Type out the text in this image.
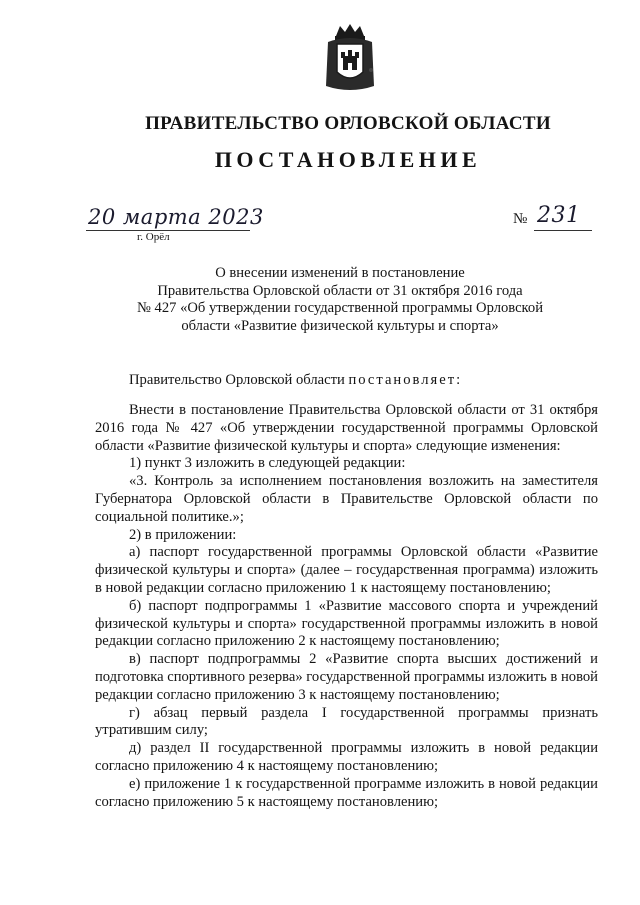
ПРАВИТЕЛЬСТВО ОРЛОВСКОЙ ОБЛАСТИ
ПОСТАНОВЛЕНИЕ
20 марта 2023
г. Орёл
№ 231
О внесении изменений в постановление
Правительства Орловской области от 31 октября 2016 года
№ 427 «Об утверждении государственной программы Орловской
области «Развитие физической культуры и спорта»
Правительство Орловской области постановляет:

Внести в постановление Правительства Орловской области от 31 октября 2016 года № 427 «Об утверждении государственной программы Орловской области «Развитие физической культуры и спорта» следующие изменения:

1) пункт 3 изложить в следующей редакции:

«3. Контроль за исполнением постановления возложить на заместителя Губернатора Орловской области в Правительстве Орловской области по социальной политике.»;

2) в приложении:

а) паспорт государственной программы Орловской области «Развитие физической культуры и спорта» (далее – государственная программа) изложить в новой редакции согласно приложению 1 к настоящему постановлению;

б) паспорт подпрограммы 1 «Развитие массового спорта и учреждений физической культуры и спорта» государственной программы изложить в новой редакции согласно приложению 2 к настоящему постановлению;

в) паспорт подпрограммы 2 «Развитие спорта высших достижений и подготовка спортивного резерва» государственной программы изложить в новой редакции согласно приложению 3 к настоящему постановлению;

г) абзац первый раздела I государственной программы признать утратившим силу;

д) раздел II государственной программы изложить в новой редакции согласно приложению 4 к настоящему постановлению;

е) приложение 1 к государственной программе изложить в новой редакции согласно приложению 5 к настоящему постановлению;
